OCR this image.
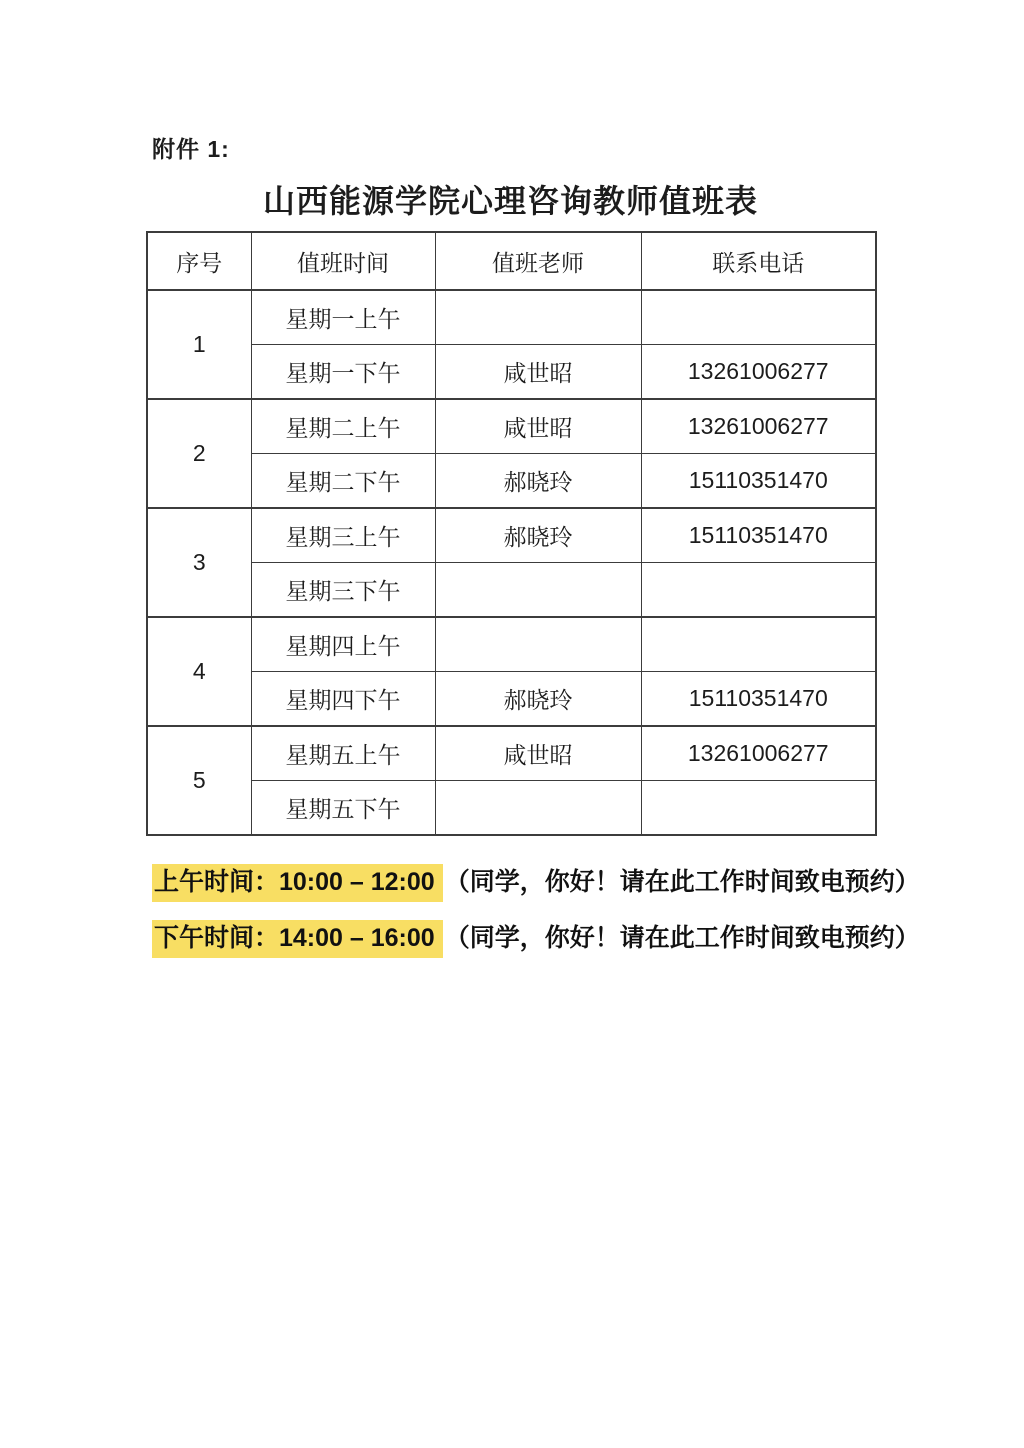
附件 1:
山西能源学院心理咨询教师值班表
序号	值班时间	值班老师	联系电话
1	星期一上午		
	星期一下午	咸世昭	13261006277
2	星期二上午	咸世昭	13261006277
	星期二下午	郝晓玲	15110351470
3	星期三上午	郝晓玲	15110351470
	星期三下午		
4	星期四上午		
	星期四下午	郝晓玲	15110351470
5	星期五上午	咸世昭	13261006277
	星期五下午		
上午时间：10:00 – 12:00 （同学，你好！请在此工作时间致电预约）
下午时间：14:00 – 16:00 （同学，你好！请在此工作时间致电预约）
